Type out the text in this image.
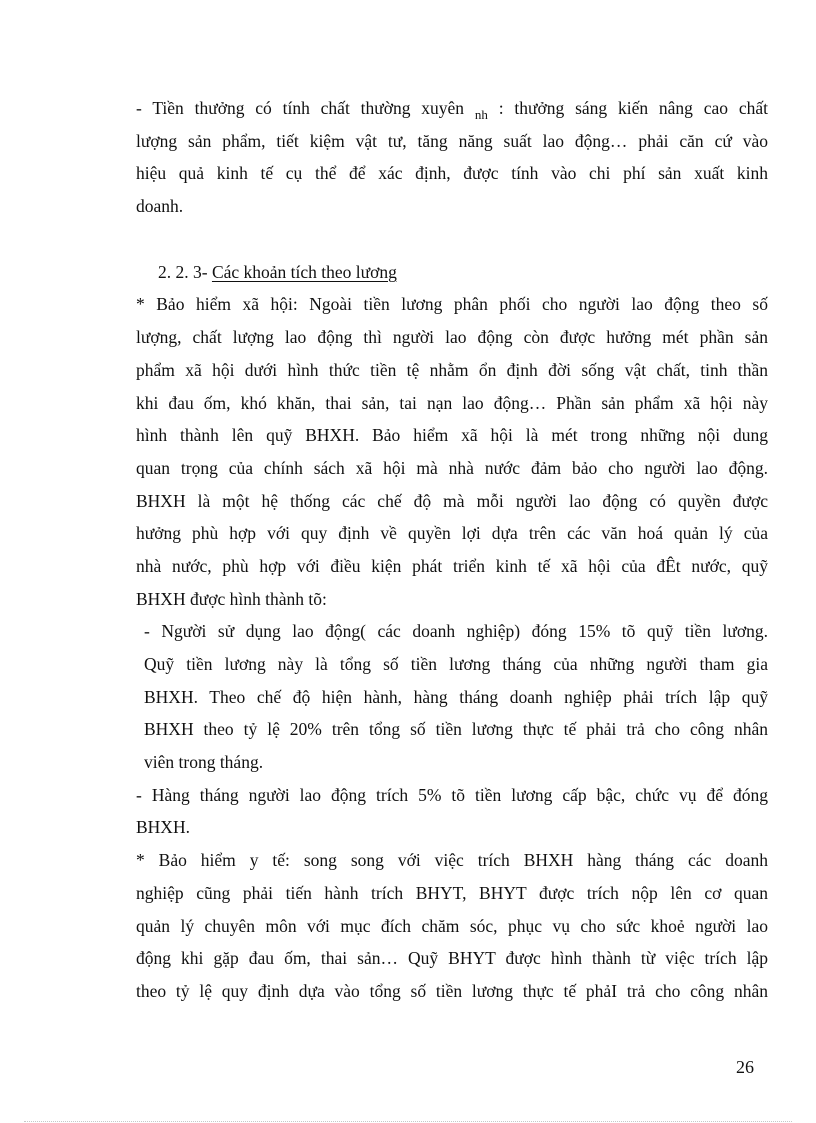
- Tiền thưởng có tính chất thường xuyên $_{nh}$ : thưởng sáng kiến nâng cao chất
lượng sản phẩm, tiết kiệm vật tư, tăng năng suất lao động… phải căn cứ vào
hiệu quả kinh tế cụ thể để xác định, được tính vào chi phí sản xuất kinh
doanh.
2. 2. 3- Các khoản tích theo lương
* Bảo hiểm xã hội: Ngoài tiền lương phân phối cho người lao động theo số
lượng, chất lượng lao động thì người lao động còn được hưởng mét phần sản
phẩm xã hội dưới hình thức tiền tệ nhằm ổn định đời sống vật chất, tinh thần
khi đau ốm, khó khăn, thai sản, tai nạn lao động… Phần sản phẩm xã hội này
hình thành lên quỹ BHXH. Bảo hiểm xã hội là mét trong những nội dung
quan trọng của chính sách xã hội mà nhà nước đảm bảo cho người lao động.
BHXH là một hệ thống các chế độ mà mỗi người lao động có quyền được
hưởng phù hợp với quy định về quyền lợi dựa trên các văn hoá quản lý của
nhà nước, phù hợp với điều kiện phát triển kinh tế xã hội của đÊt nước, quỹ
BHXH được hình thành tõ:
- Người sử dụng lao động( các doanh nghiệp) đóng 15% tõ quỹ tiền lương.
Quỹ tiền lương này là tổng số tiền lương tháng của những người tham gia
BHXH. Theo chế độ hiện hành, hàng tháng doanh nghiệp phải trích lập quỹ
BHXH theo tỷ lệ 20% trên tổng số tiền lương thực tế phải trả cho công nhân
viên trong tháng.
- Hàng tháng người lao động trích 5% tõ tiền lương cấp bậc, chức vụ để đóng
BHXH.
* Bảo hiểm y tế: song song với việc trích BHXH hàng tháng các doanh
nghiệp cũng phải tiến hành trích BHYT, BHYT được trích nộp lên cơ quan
quản lý chuyên môn với mục đích chăm sóc, phục vụ cho sức khoẻ người lao
động khi gặp đau ốm, thai sản… Quỹ BHYT được hình thành từ việc trích lập
theo tỷ lệ quy định dựa vào tổng số tiền lương thực tế phảI trả cho công nhân
26
